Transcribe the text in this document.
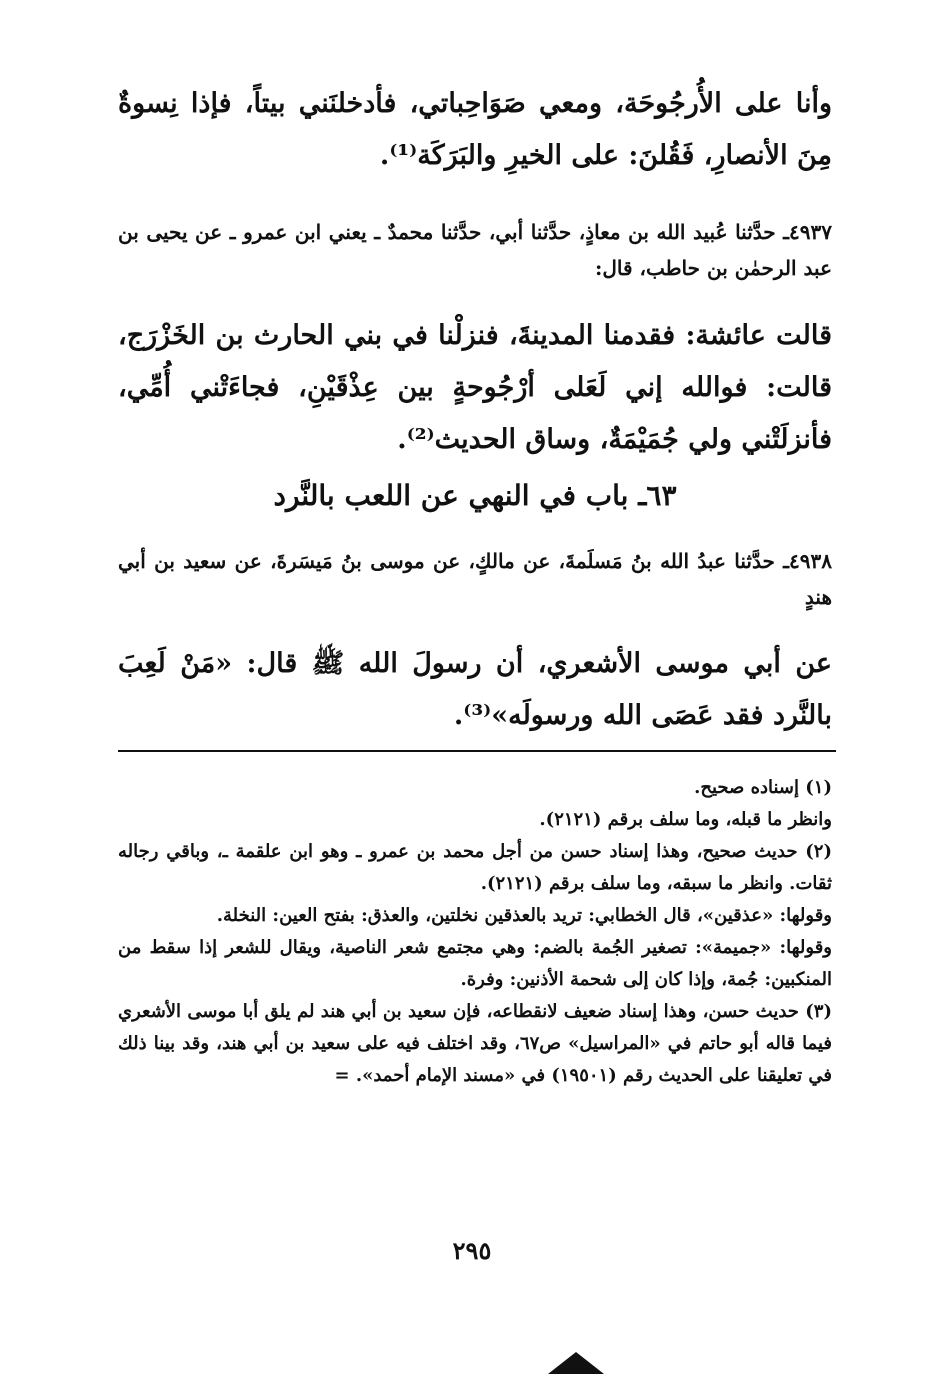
وأنا على الأُرجُوحَة، ومعي صَوَاحِباتي، فأدخلنَني بيتاً، فإذا نِسوةٌ مِنَ الأنصارِ، فَقُلنَ: على الخيرِ والبَرَكَة⁽¹⁾.

٤٩٣٧ـ حدَّثنا عُبيد الله بن معاذٍ، حدَّثنا أبي، حدَّثنا محمدٌ ـ يعني ابن عمرو ـ عن يحيى بن عبد الرحمٰن بن حاطب، قال:

قالت عائشة: فقدمنا المدينةَ، فنزلْنا في بني الحارث بن الخَزْرَج، قالت: فوالله إني لَعَلى أرْجُوحةٍ بين عِذْقَيْنِ، فجاءَتْني أُمِّي، فأنزلَتْني ولي جُمَيْمَةٌ، وساق الحديث⁽²⁾.

٦٣ـ باب في النهي عن اللعب بالنَّرد

٤٩٣٨ـ حدَّثنا عبدُ الله بنُ مَسلَمةَ، عن مالكٍ، عن موسى بنُ مَيسَرةَ، عن سعيد بن أبي هندٍ

عن أبي موسى الأشعري، أن رسولَ الله ﷺ قال: «مَنْ لَعِبَ بالنَّرد فقد عَصَى الله ورسولَه»⁽³⁾.

(١) إسناده صحيح.
وانظر ما قبله، وما سلف برقم (٢١٢١).
(٢) حديث صحيح، وهذا إسناد حسن من أجل محمد بن عمرو ـ وهو ابن علقمة ـ، وباقي رجاله ثقات. وانظر ما سبقه، وما سلف برقم (٢١٢١).
وقولها: «عذقين»، قال الخطابي: تريد بالعذقين نخلتين، والعذق: بفتح العين: النخلة.
وقولها: «جميمة»: تصغير الجُمة بالضم: وهي مجتمع شعر الناصية، ويقال للشعر إذا سقط من المنكبين: جُمة، وإذا كان إلى شحمة الأذنين: وفرة.
(٣) حديث حسن، وهذا إسناد ضعيف لانقطاعه، فإن سعيد بن أبي هند لم يلق أبا موسى الأشعري فيما قاله أبو حاتم في «المراسيل» ص٦٧، وقد اختلف فيه على سعيد بن أبي هند، وقد بينا ذلك في تعليقنا على الحديث رقم (١٩٥٠١) في «مسند الإمام أحمد». =
٢٩٥
